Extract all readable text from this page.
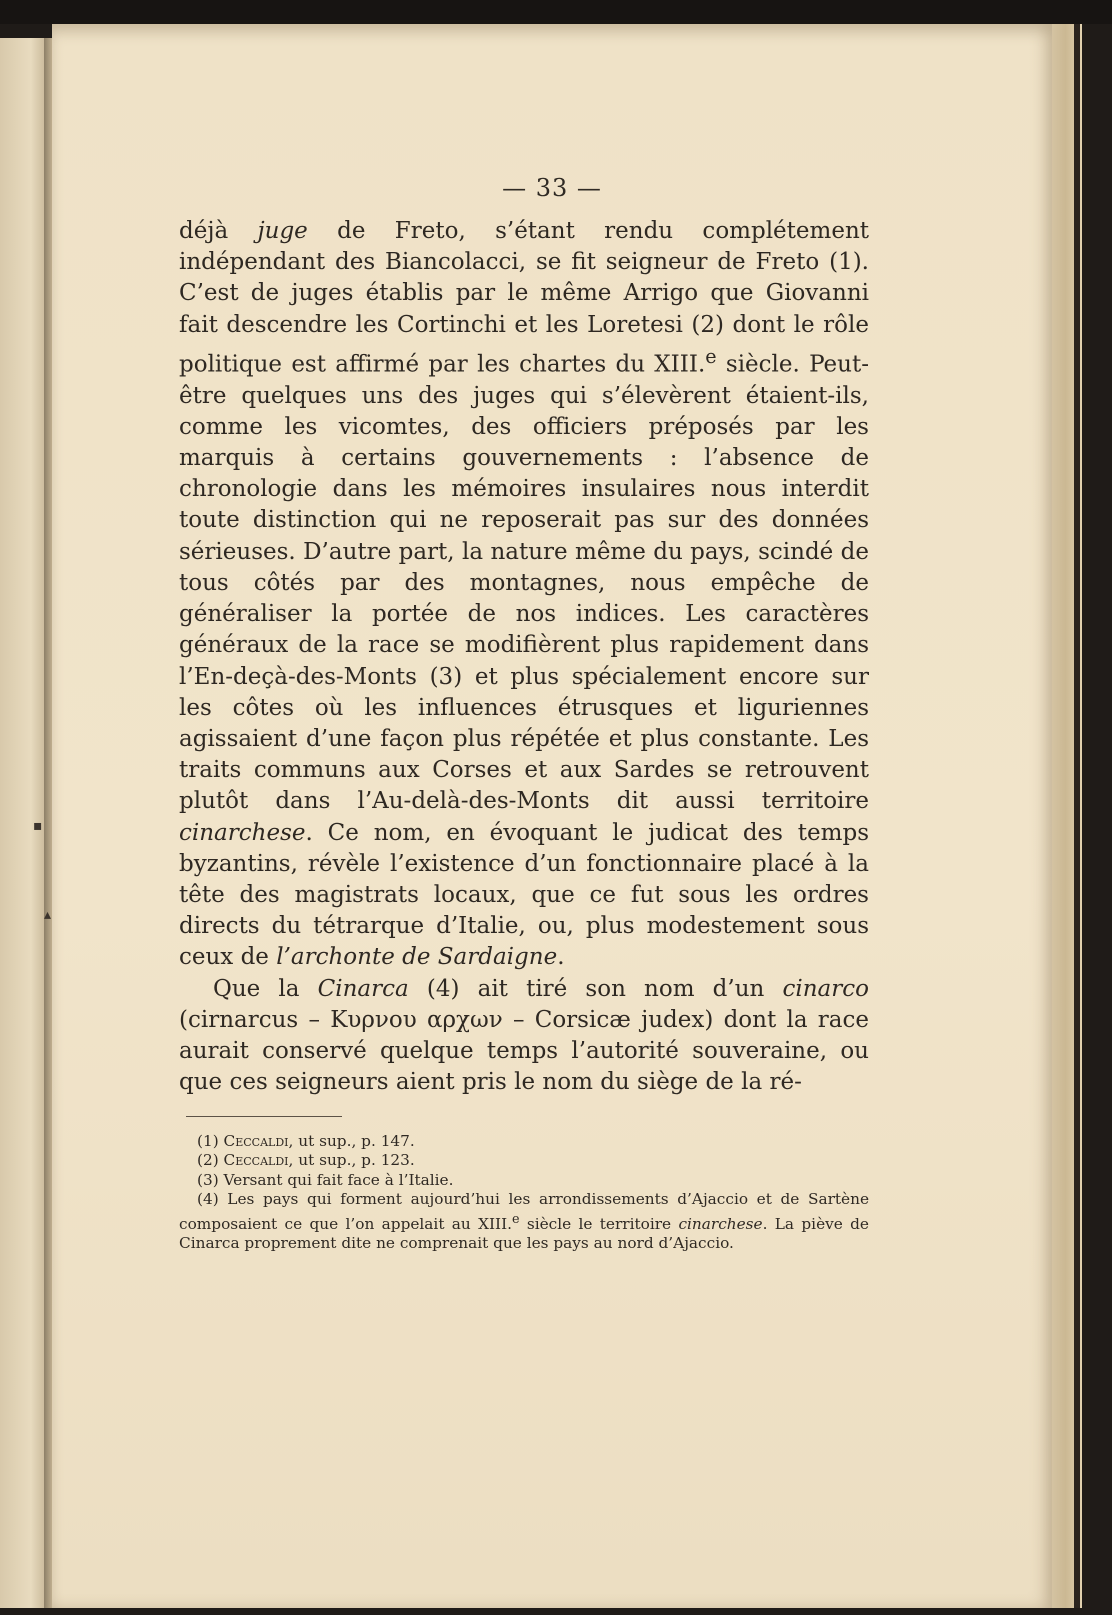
— 33 —

déjà juge de Freto, s’étant rendu complétement indépendant des Biancolacci, se fit seigneur de Freto (1). C’est de juges établis par le même Arrigo que Giovanni fait descendre les Cortinchi et les Loretesi (2) dont le rôle politique est affirmé par les chartes du XIII.$^e$ siècle. Peut-être quelques uns des juges qui s’élevèrent étaient-ils, comme les vicomtes, des officiers préposés par les marquis à certains gouvernements : l’absence de chronologie dans les mémoires insulaires nous interdit toute distinction qui ne reposerait pas sur des données sérieuses. D’autre part, la nature même du pays, scindé de tous côtés par des montagnes, nous empêche de généraliser la portée de nos indices. Les caractères généraux de la race se modifièrent plus rapidement dans l’En-deçà-des-Monts (3) et plus spécialement encore sur les côtes où les influences étrusques et liguriennes agissaient d’une façon plus répétée et plus constante. Les traits communs aux Corses et aux Sardes se retrouvent plutôt dans l’Au-delà-des-Monts dit aussi territoire cinarchese. Ce nom, en évoquant le judicat des temps byzantins, révèle l’existence d’un fonctionnaire placé à la tête des magistrats locaux, que ce fut sous les ordres directs du tétrarque d’Italie, ou, plus modestement sous ceux de l’archonte de Sardaigne.

Que la Cinarca (4) ait tiré son nom d’un cinarco (cirnarcus – Κυρνου αρχων – Corsicæ judex) dont la race aurait conservé quelque temps l’autorité souveraine, ou que ces seigneurs aient pris le nom du siège de la ré-

(1) Ceccaldi, ut sup., p. 147.

(2) Ceccaldi, ut sup., p. 123.

(3) Versant qui fait face à l’Italie.

(4) Les pays qui forment aujourd’hui les arrondissements d’Ajaccio et de Sartène composaient ce que l’on appelait au XIII.$^e$ siècle le territoire cinarchese. La piève de Cinarca proprement dite ne comprenait que les pays au nord d’Ajaccio.

▪
▴
